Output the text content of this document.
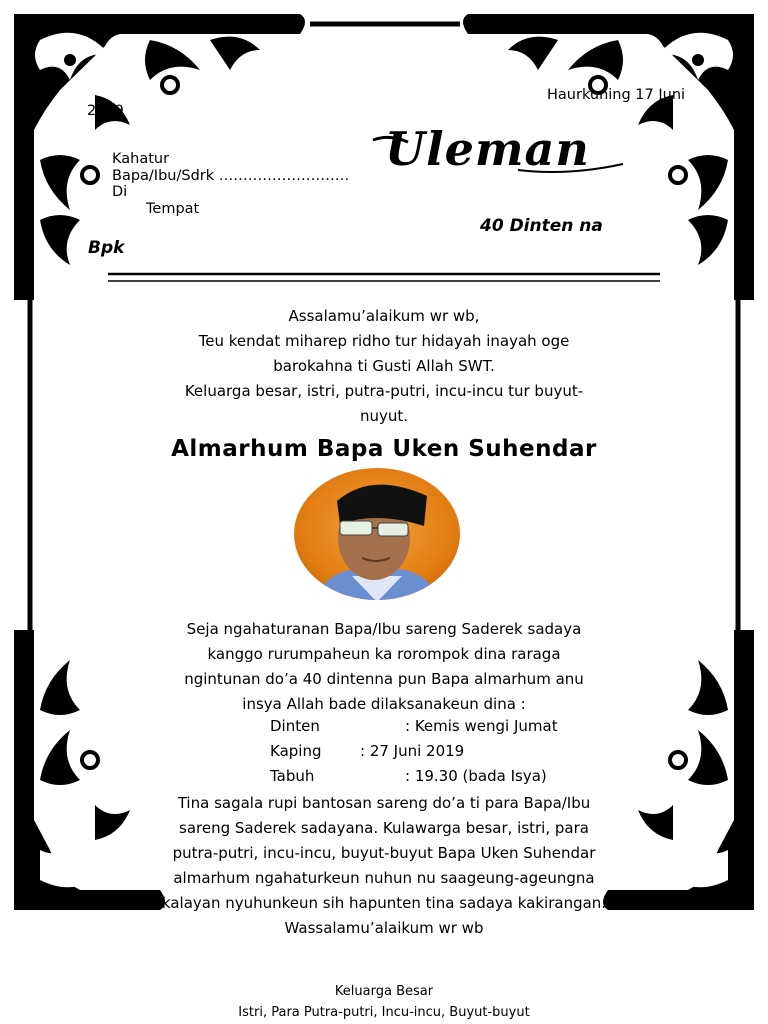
Haurkuning 17 Juni
2019
Kahatur
Bapa/Ibu/Sdrk ………………………
Di
Tempat
Uleman
40 Dinten na
Bpk
Assalamu’alaikum wr wb,
Teu kendat miharep ridho tur hidayah inayah oge
barokahna ti Gusti Allah SWT.
Keluarga besar, istri, putra-putri, incu-incu tur buyut-
nuyut.
Almarhum Bapa Uken Suhendar
Seja ngahaturanan Bapa/Ibu sareng Saderek sadaya
kanggo rurumpaheun ka rorompok dina raraga
ngintunan do’a 40 dintenna pun Bapa almarhum anu
insya Allah bade dilaksanakeun dina :
Dinten	: Kemis wengi Jumat
Kaping	: 27 Juni 2019
Tabuh	: 19.30 (bada Isya)
Tina sagala rupi bantosan sareng do’a ti para Bapa/Ibu
sareng Saderek sadayana. Kulawarga besar, istri, para
putra-putri, incu-incu, buyut-buyut Bapa Uken Suhendar
almarhum ngahaturkeun nuhun nu saageung-ageungna
kalayan nyuhunkeun sih hapunten tina sadaya kakirangan.
Wassalamu’alaikum wr wb
Keluarga Besar
Istri, Para Putra-putri, Incu-incu, Buyut-buyut
